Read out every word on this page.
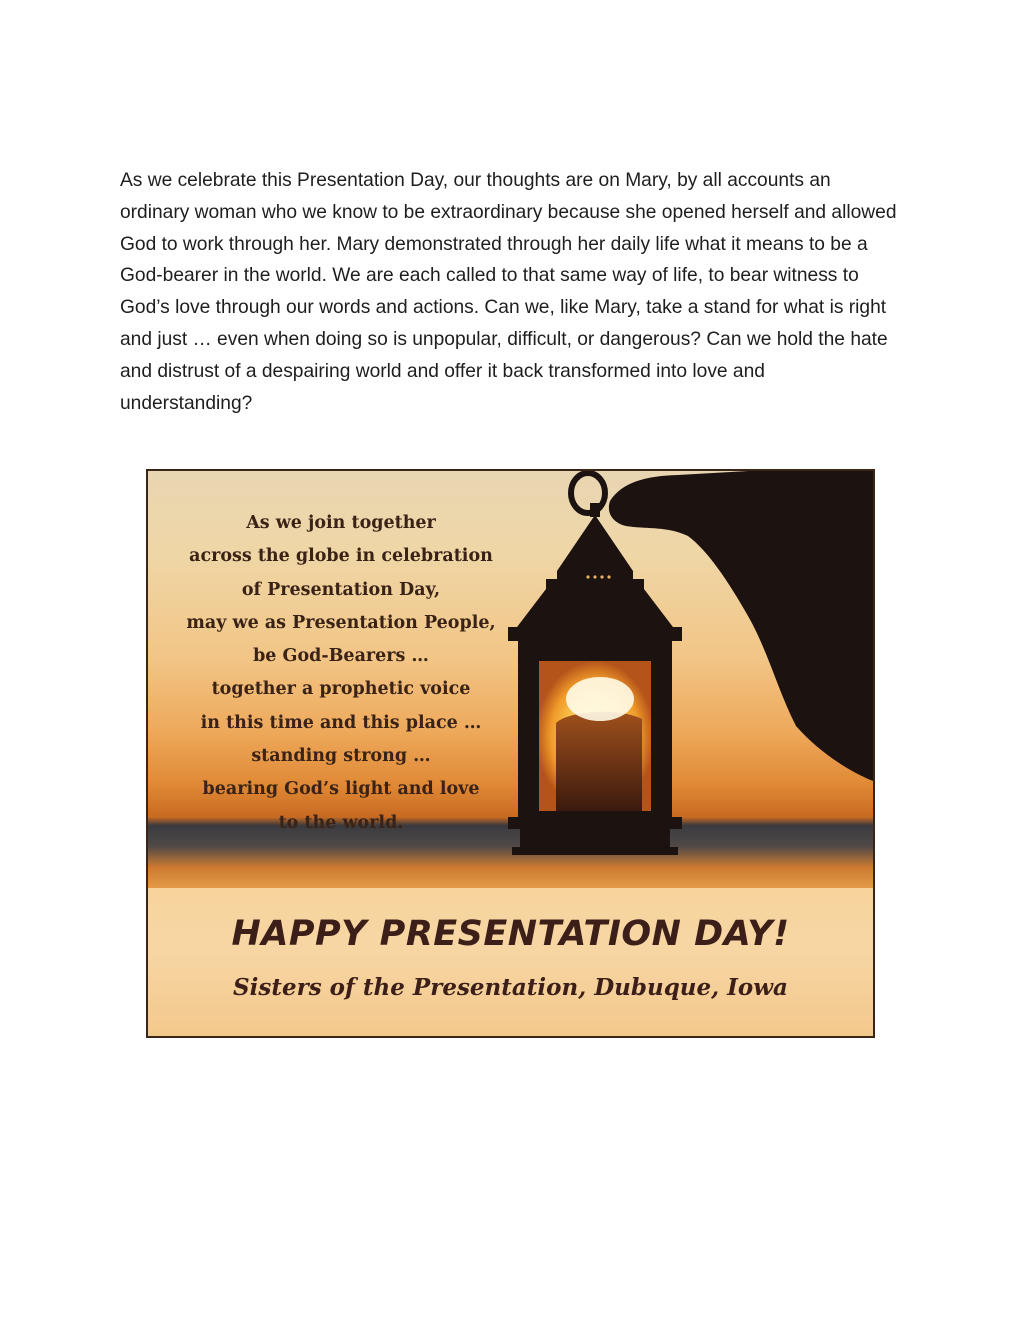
As we celebrate this Presentation Day, our thoughts are on Mary, by all accounts an ordinary woman who we know to be extraordinary because she opened herself and allowed God to work through her. Mary demonstrated through her daily life what it means to be a God-bearer in the world. We are each called to that same way of life, to bear witness to God’s love through our words and actions. Can we, like Mary, take a stand for what is right and just … even when doing so is unpopular, difficult, or dangerous? Can we hold the hate and distrust of a despairing world and offer it back transformed into love and understanding?

As we join together
across the globe in celebration
of Presentation Day,
may we as Presentation People,
be God-Bearers …
together a prophetic voice
in this time and this place …
standing strong …
bearing God’s light and love
to the world.
HAPPY PRESENTATION DAY!
Sisters of the Presentation, Dubuque, Iowa
